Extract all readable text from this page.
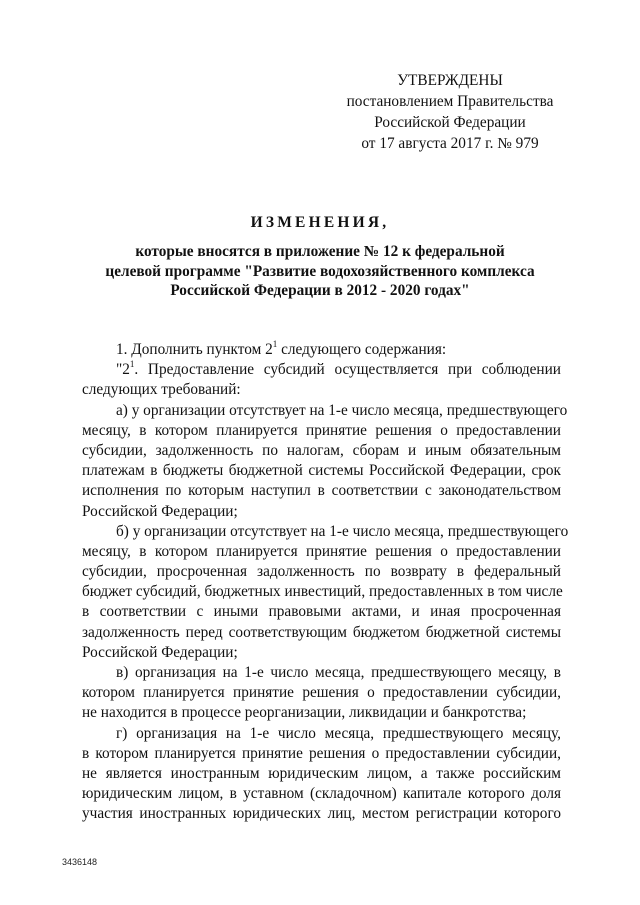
УТВЕРЖДЕНЫ
постановлением Правительства
Российской Федерации
от 17 августа 2017 г. № 979
ИЗМЕНЕНИЯ,
которые вносятся в приложение № 12 к федеральной
целевой программе "Развитие водохозяйственного комплекса
Российской Федерации в 2012 - 2020 годах"
1. Дополнить пунктом $2^1$ следующего содержания:
"$2^1$. Предоставление субсидий осуществляется при соблюдении
следующих требований:
а) у организации отсутствует на 1-е число месяца, предшествующего
месяцу, в котором планируется принятие решения о предоставлении
субсидии, задолженность по налогам, сборам и иным обязательным
платежам в бюджеты бюджетной системы Российской Федерации, срок
исполнения по которым наступил в соответствии с законодательством
Российской Федерации;
б) у организации отсутствует на 1-е число месяца, предшествующего
месяцу, в котором планируется принятие решения о предоставлении
субсидии, просроченная задолженность по возврату в федеральный
бюджет субсидий, бюджетных инвестиций, предоставленных в том числе
в соответствии с иными правовыми актами, и иная просроченная
задолженность перед соответствующим бюджетом бюджетной системы
Российской Федерации;
в) организация на 1-е число месяца, предшествующего месяцу, в
котором планируется принятие решения о предоставлении субсидии,
не находится в процессе реорганизации, ликвидации и банкротства;
г) организация на 1-е число месяца, предшествующего месяцу,
в котором планируется принятие решения о предоставлении субсидии,
не является иностранным юридическим лицом, а также российским
юридическим лицом, в уставном (складочном) капитале которого доля
участия иностранных юридических лиц, местом регистрации которого
3436148
